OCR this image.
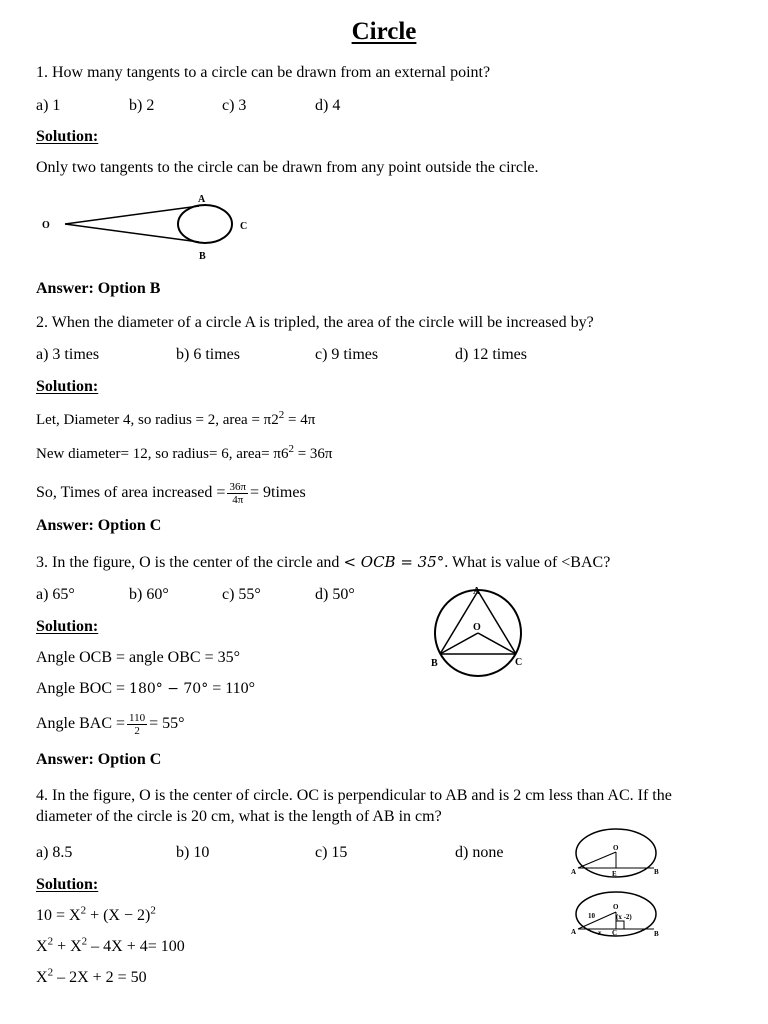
Circle
1. How many tangents to a circle can be drawn from an external point?
a) 1	b) 2	c) 3	d) 4
Solution:
Only two tangents to the circle can be drawn from any point outside the circle.
O
A
B
C
Answer: Option B
2. When the diameter of a circle A is tripled, the area of the circle will be increased by?
a) 3 times	b) 6 times	c) 9 times	d) 12 times
Solution:
Let, Diameter 4, so radius = 2, area = $\pi 2^2 = 4\pi$
New diameter= 12, so radius= 6, area= $\pi 6^2 = 36\pi$
So, Times of area increased = $\frac{36\pi}{4\pi}$ = 9times
Answer: Option C
3. In the figure, O is the center of the circle and < OCB = 35°. What is value of <BAC?
a) 65°	b) 60°	c) 55°	d) 50°
Solution:
Angle OCB = angle OBC = 35°
Angle BOC = 180° − 70° = 110°
Angle BAC = $\frac{110}{2} = 55^\circ$
Answer: Option C
A
O
B	C
4. In the figure, O is the center of circle. OC is perpendicular to AB and is 2 cm less than AC. If the
diameter of the circle is 20 cm, what is the length of AB in cm?
a) 8.5	b) 10	c) 15	d) none
Solution:
$10 = X^2 + (X - 2)^2$
$X^2 + X^2 - 4X + 4= 100$
$X^2 - 2X + 2 = 50$
O
A	E	B
O
10	(x -2)
A	x C	B
